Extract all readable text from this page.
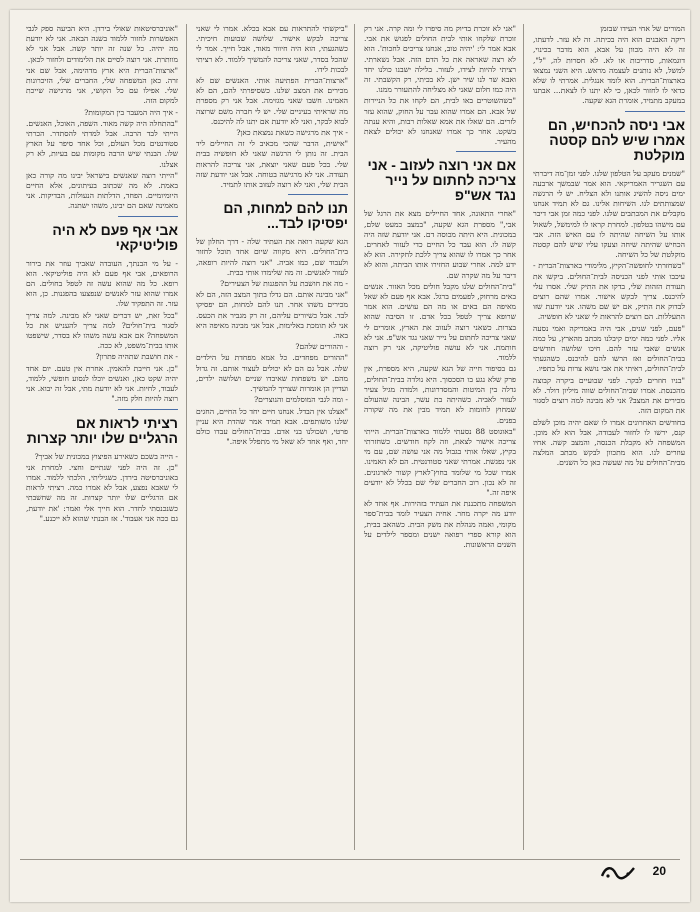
המורים של אחי העידו שבזמן

ריקה האבנים הוא היה בכיתה. זה לא עזר. לדעתו, זה לא היה מכוון על אבא, הוא מדבר בכינוי, דוגמאות, סדריכות או לא. לא חסרות לה, "ל", למשל, לא נותנים לעצמה מראש. היא השני נמצאו בארצות־הברית. הוא לומד אנגלית. אמרתי לו שלא כדאי לו לחזור לכאן, כי לא יתנו לו לצאת... אבתנו במעקב מתמיד, אומרת הגא שקעה.

אבי ניסה להכחיש, הם אמרו שיש להם קסטה מוקלטת

"שמנים מעקב על הטלפון שלנו. לפני זמן־מה דיברתי עם השגריר האמריקאי. הוא אמר שבמשך ארבעה ימים ניסה להשיג אותנו ולא הצליח. יש לי הרגשה שמצותתים לנו. השיחות אלינו. גם לא תמיד אנחנו מקבלים את המכתבים שלנו. לפני כמה זמן אבי דיבר עם מישהו בטלפון. למחרת קראו לו למימשל, לשאול אותו על השיחה שהיתה לו עם האיש הזה. אבי הכחיש שהיתה שיחה וצעקו עליו שיש להם קסטה מוקלטת של כל השיחה.

"כשחזרתי לחופשה־הקיץ, מלימודי בארצות־הברית - עיכבו אותי לפני הכניסה לבית־החולים. ביקשו את תעודת הזהות שלי, בדקו את התיק שלי. אסרו עלי להיכנס. צריך לבקש אישור. אמרו שהם רוצים לבדוק את התיק, אם יש שם משהו. אני יודעת שזו התעללות. הם רוצים להראות לי שאני לא חופשיה.

"פעם, לפני שנים, אבי היה באמריקה ואמי נסעה אליו. לפני כמה ימים קיבלנו מכתב מהארץ, על כמה אנשים שאבי עזר להם. חיכו שלושה חודשים בבית־החולים ואז הרשו להם להיכנס. כשהגעתי לבית־החולים, ראיתי את אבי נושא צרות על כתפיו.

"בניו חוזרים לבקר. לפני שבועיים ביקרה קבוצה מהכנסת. אמרו שבית־החולים שווה מיליון דולר. לא מכירים את המצב? אני לא מבינה למה רוצים לסגור את המקום הזה.

בחודשים האחרונים אמרו לו שאם יהיה מוכן לשלם קנס, ירשו לו לחזור לעבודה, אבל הוא לא מוכן. המשפחה לא מקבלת הכנסה, והמצב קשה. אחיו עוזרים לנו. הוא מתכוון לבקש מכתב המלצה מבית־החולים על מה שעשה כאן כל השנים.

"אני לא זוכרת בדיוק מה סיפרו לי ומה קרה. אני רק זוכרת שלקחו אותי לבית החולים לפגוש את אבי. אבא אמר לי: 'יהיה טוב, אנחנו צריכים לחכות'. הוא לא רצה שאראה את כל הדם הזה. אבל נשארתי. רציתי להיות לצידו, לעזור. בלילה ישבנו כולנו יחד ואבא שר לנו שיר ישן. לא בכיתי, רק הקשבתי. זה היה כמו חלום שאני לא מצליחה להתעורר ממנו.

"כשהשוטרים באו לבית, הם לקחו את כל הניירות של אבא. הם אמרו שהוא עבר על החוק, שהוא עזר לזרים. הם שאלו את אמא שאלות רבות, והיא ענתה בשקט. אחר כך אמרו שאנחנו לא יכולים לצאת מהעיר.

אם אני רוצה לעזוב - אני צריכה לחתום על נייר נגד אש"פ

"אחרי התאונה, אחד החיילים מצא את הרגל של אבי," מספרת הגא שקעה, "במצב כמעט שלם, במכונית. היא היתה מכוסה דם. אני יודעת שזה היה קשה לו. הוא עבד כל החיים כדי לעזור לאחרים. אחר כך אמרו לו שהוא צריך ללכת לחקירה. הוא לא ידע למה. אחרי שבוע החזירו אותו הביתה, והוא לא דיבר על מה שקרה שם.

"בית־החולים שלנו מקבל חולים מכל האזור. אנשים באים מרחוק, לפעמים ברגל. אבא אף פעם לא שאל מאיפה הם באים או מה הם עושים. הוא אמר שרופא צריך לטפל בכל אדם. זו הסיבה שהוא בצרות. כשאני רוצה לעזוב את הארץ, אומרים לי שאני צריכה לחתום על נייר שאני נגד אש"פ. אני לא חותמת. אני לא עושה פוליטיקה, אני רק רוצה ללמוד.

גם בסיפור חייה של הגא שקעה, היא מספרת, אין פרק שלא נגע בו הסכסוך. היא נולדה בבית־החולים, גדלה בין המיטות והמסדרונות, ולמדה מגיל צעיר לעזור לאביה. כשהיתה בת עשר, הבינה שהעולם שמחוץ לחומות לא תמיד מבין את מה שקורה בפנים.

"באוגוסט 88 נסעתי ללמוד בארצות־הברית. הייתי צריכה אישור לצאת, וזה לקח חודשים. כשחזרתי בקיץ, שאלו אותי בגבול מה אני עושה שם, עם מי אני נפגשת. אמרתי שאני סטודנטית. הם לא האמינו. אמרו שכל מי שלומד בחוץ־לארץ קשור לארגונים. זה לא נכון. רוב החברים שלי שם בכלל לא יודעים איפה זה."

המשפחה מתכננת את העתיד בזהירות. אף אחד לא יודע מה יקרה מחר. אחיה הצעיר לומד בבית־ספר מקומי, ואמה מנהלת את משק הבית. כשהאב בבית, הוא קורא ספרי רפואה ישנים ומספר לילדים על השנים הראשונות.

"ביקשתי להתראות עם אבא בכלא. אמרו לי שאני צריכה לבקש אישור. שלושה שבועות חיכיתי. כשהגעתי, הוא היה חיוור מאוד, אבל חייך. אמר לי שהכל בסדר, שאני צריכה להמשיך ללמוד. לא רציתי לבכות לידו.

"ארצות־הברית הפתיעה אותי. האנשים שם לא מכירים את המצב שלנו. כשסיפרתי להם, הם לא האמינו. חשבו שאני מגזימה. אבל אני רק מספרת מה שראיתי בעיניים שלי. יש לי חברה משם שרוצה לבוא לבקר, ואני לא יודעת אם יתנו לה להיכנס.

- איך את מרגישה כשאת נמצאת כאן?

"אישית, הדבר שהכי מכאיב לי זה החיילים ליד הבית. זה נותן לי הרגשה שאני לא חופשיה בבית שלי. בכל פעם שאני יוצאת, אני צריכה להראות תעודה. אני לא מרגישה בטוחה. אבל אני יודעת שזה הבית שלי, ואני לא רוצה לעזוב אותו לתמיד.

תנו להם למחות, הם יפסיקו לבד...

הגא שקעה רואה את העתיד שלה - דרך החלון של בית־החולים. היא מקווה שיום אחד תוכל לחזור ולעבוד שם, כמו אביה. "אני רוצה להיות רופאה, לעזור לאנשים. זה מה שלימדו אותי בבית.

- מה את חושבת על ההפגנות של הצעירים?

"אני מבינה אותם. הם גדלו בתוך המצב הזה, הם לא מכירים משהו אחר. תנו להם למחות, הם יפסיקו לבד. אבל כשיורים עליהם, זה רק מגביר את הכעס. אני לא תומכת באלימות, אבל אני מבינה מאיפה היא באה.

- וההורים שלהם?

"ההורים מפחדים. כל אמא מפחדת על הילדים שלה. אבל גם הם לא יכולים לעצור אותם. זה גדול מהם. יש משפחות שאיבדו שניים ושלושה ילדים, ועדיין הן אומרות שצריך להמשיך.

- ומה לגבי המוסלמים והנוצרים?

"אצלנו אין הבדל. אנחנו חיים יחד כל החיים, החגים שלנו משותפים. אבא תמיד אמר שהדת היא עניין פרטי, ושכולנו בני אדם. בבית־החולים עבדו כולם יחד, ואף אחד לא שאל מי מתפלל איפה."

"אוניברסיטאות שאולי בירדן. היא הביעה ספק לגבי האפשרות לחזור ללמוד בשנה הבאה. אני לא יודעת מה יהיה. כל שנה זה יותר קשה. אבל אני לא מוותרת. אני רוצה לסיים את הלימודים ולחזור לכאן.

"ארצות־הברית היא ארץ מדהימה, אבל שם אני זרה. כאן המשפחה שלי, החברים שלי, הזיכרונות שלי. אפילו עם כל הקושי, אני מרגישה שייכת למקום הזה.

- איך היה המעבר בין המקומות?

"בהתחלה היה קשה מאוד. השפה, האוכל, האנשים. הייתי לבד הרבה. אבל למדתי להסתדר. הכרתי סטודנטים מכל העולם, וכל אחד סיפר על הארץ שלו. הבנתי שיש הרבה מקומות עם בעיות, לא רק אצלנו.

"הייתי רוצה שאנשים בישראל יבינו מה קורה כאן באמת. לא מה שכתוב בעיתונים, אלא החיים היומיומיים. הפחד, הדלתות הנעולות, הבדיקות. אני מאמינה שאם הם יבינו, משהו ישתנה.

אבי אף פעם לא היה פוליטיקאי

- על מי הבנתך, העובדה שאביך עוזר את בירור הרופאים, אבי אף פעם לא היה פוליטיקאי. הוא רופא. כל מה שהוא עשה זה לטפל בחולים. הם אמרו שהוא עזר לאנשים שנפצעו בהפגנות. כן, הוא עזר. זה התפקיד שלו.

"בכל זאת, יש דברים שאני לא מבינה. למה צריך לסגור בית־חולים? למה צריך להעניש את כל המשפחה? אם אבא עשה משהו לא בסדר, שישפטו אותו בבית־משפט, לא ככה.

- את חושבת שתהיה פתרון?

"כן. אני חייבת להאמין. אחרת אין טעם. יום אחד יהיה שקט כאן, ואנשים יוכלו לנסוע חופשי, ללמוד, לעבוד, לחיות. אני לא יודעת מתי, אבל זה יבוא. אני רוצה להיות חלק מזה."

רציתי לראות אם הרגליים שלו יותר קצרות

- הייה בשכם כשאירע הפיצוץ במכונית של אביך?

"כן. זה היה לפני שנתיים וחצי. למחרת אני באוניברסיטה בירדן. כשגיליתי, הלכתי ללמוד. אמרו לי שאבא נפצע, אבל לא אמרו כמה. רציתי לראות אם הרגליים שלו יותר קצרות. זה מה שחשבתי כשנכנסתי לחדר. הוא חייך אלי ואמר: 'את יודעת, גם ככה אני אעבוד'. אז הבנתי שהוא לא ייכנע."

20
